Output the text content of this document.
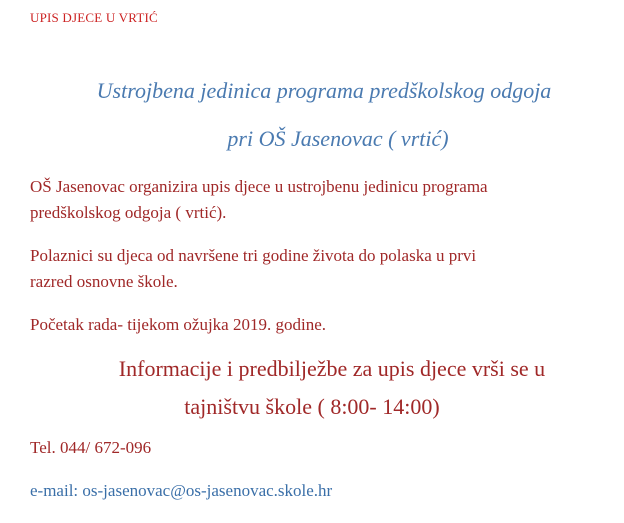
UPIS DJECE U VRTIĆ
Ustrojbena jedinica programa predškolskog odgoja
pri OŠ Jasenovac ( vrtić)
OŠ Jasenovac organizira upis djece u ustrojbenu jedinicu programa
predškolskog odgoja ( vrtić).
Polaznici su djeca od navršene tri godine života do polaska u prvi
razred osnovne škole.
Početak rada- tijekom ožujka 2019. godine.
Informacije i predbilježbe za upis djece vrši se u
tajništvu škole ( 8:00- 14:00)
Tel. 044/ 672-096
e-mail: os-jasenovac@os-jasenovac.skole.hr
